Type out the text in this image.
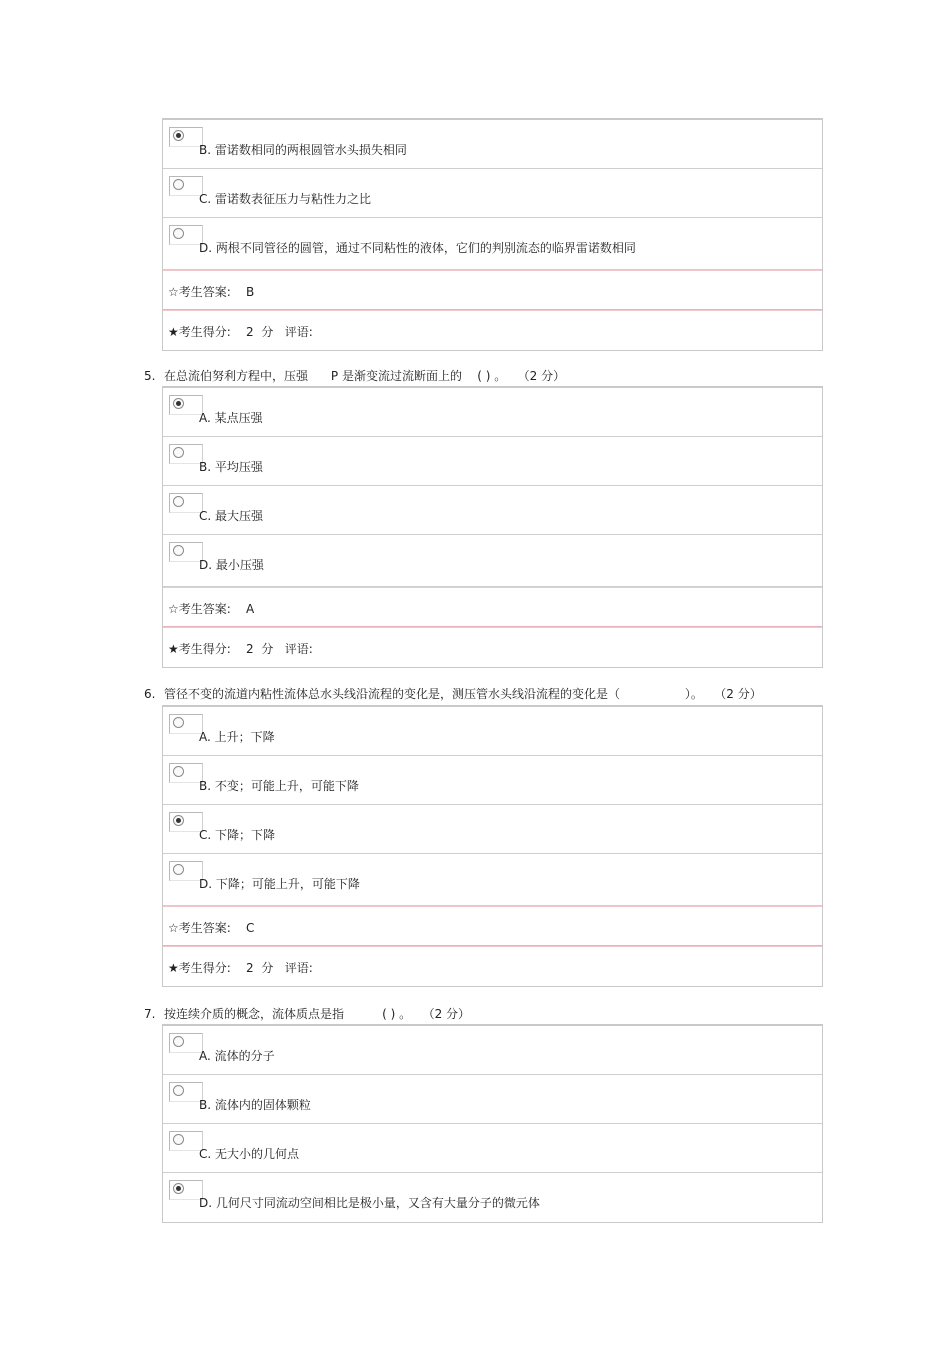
B. 雷诺数相同的两根圆管水头损失相同
C. 雷诺数表征压力与粘性力之比
D. 两根不同管径的圆管，通过不同粘性的液体，它们的判别流态的临界雷诺数相同
☆考生答案:    B
★考生得分:    2  分   评语:
5. 在总流伯努利方程中，压强      P 是渐变流过流断面上的    ( ) 。   （2 分）
A. 某点压强
B. 平均压强
C. 最大压强
D. 最小压强
☆考生答案:    A
★考生得分:    2  分   评语:
6. 管径不变的流道内粘性流体总水头线沿流程的变化是，测压管水头线沿流程的变化是（                 ）。   （2 分）
A. 上升；下降
B. 不变；可能上升，可能下降
C. 下降；下降
D. 下降；可能上升，可能下降
☆考生答案:    C
★考生得分:    2  分   评语:
7. 按连续介质的概念，流体质点是指          ( ) 。   （2 分）
A. 流体的分子
B. 流体内的固体颗粒
C. 无大小的几何点
D. 几何尺寸同流动空间相比是极小量，又含有大量分子的微元体
